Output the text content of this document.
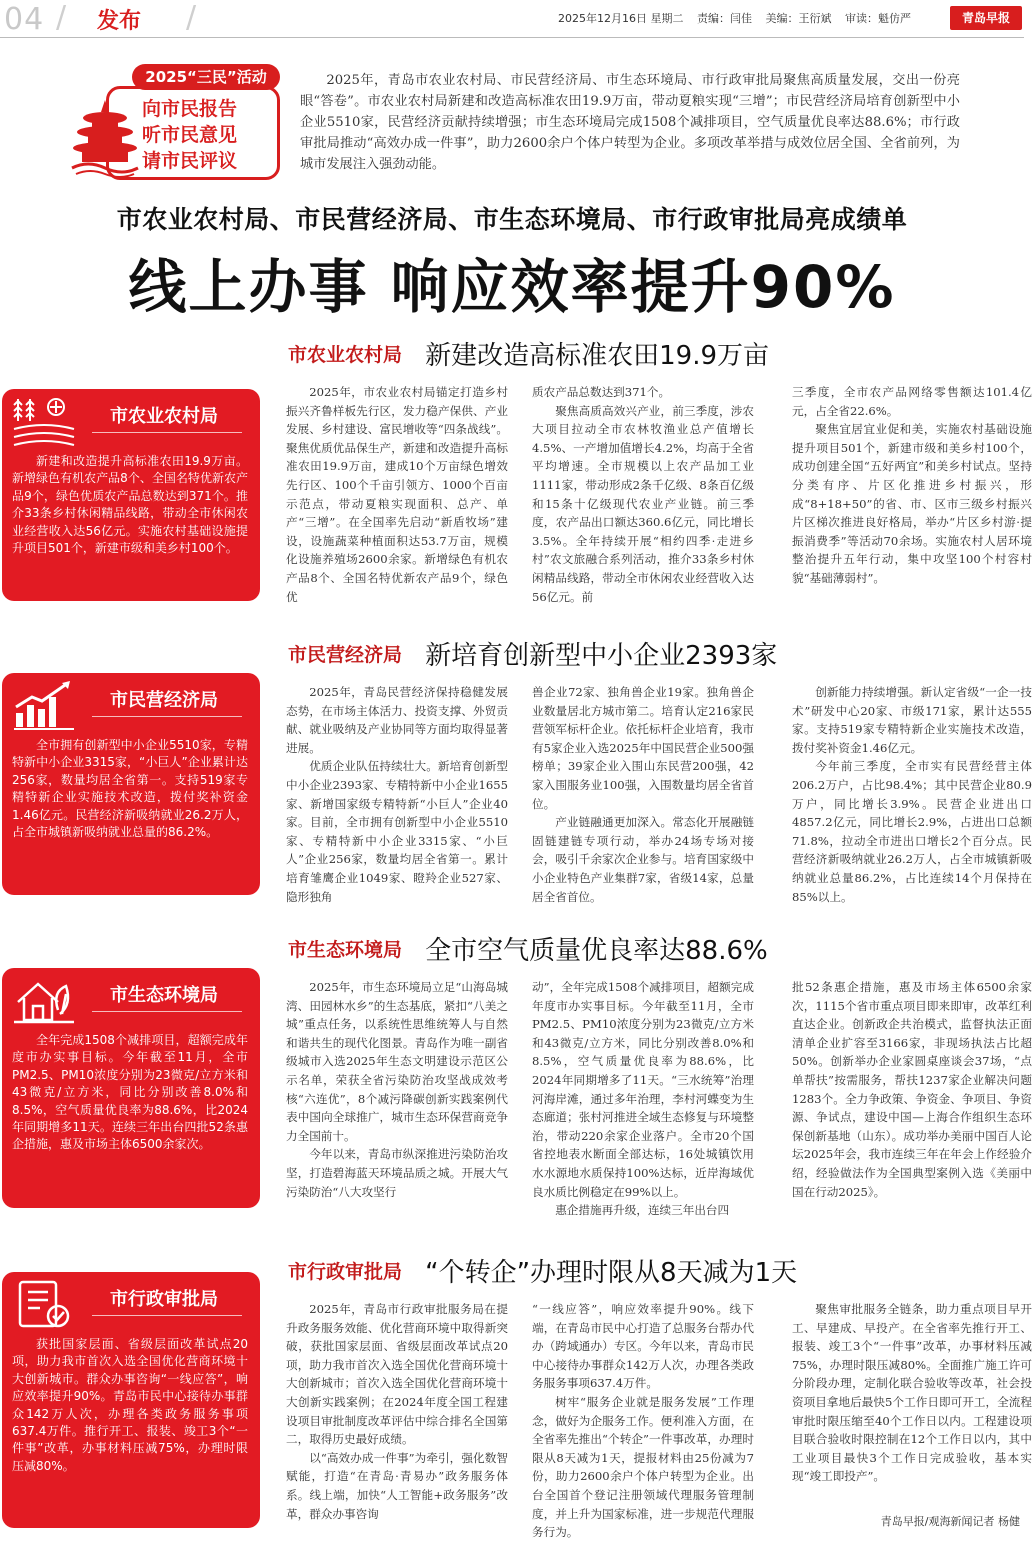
04 / 发布 /	2025年12月16日 星期二 责编：闫佳 美编：王衍斌 审读：魁仿严	青岛早报
2025“三民”活动
向市民报告
听市民意见
请市民评议

2025年，青岛市农业农村局、市民营经济局、市生态环境局、市行政审批局聚焦高质量发展，交出一份亮眼“答卷”。市农业农村局新建和改造高标准农田19.9万亩，带动夏粮实现“三增”；市民营经济局培育创新型中小企业5510家，民营经济贡献持续增强；市生态环境局完成1508个减排项目，空气质量优良率达88.6%；市行政审批局推动“高效办成一件事”，助力2600余户个体户转型为企业。多项改革举措与成效位居全国、全省前列，为城市发展注入强劲动能。

市农业农村局、市民营经济局、市生态环境局、市行政审批局亮成绩单
线上办事 响应效率提升90%
市农业农村局 新建改造高标准农田19.9万亩
市农业农村局

新建和改造提升高标准农田19.9万亩。新增绿色有机农产品8个、全国名特优新农产品9个，绿色优质农产品总数达到371个。推介33条乡村休闲精品线路，带动全市休闲农业经营收入达56亿元。实施农村基础设施提升项目501个，新建市级和美乡村100个。

2025年，市农业农村局锚定打造乡村振兴齐鲁样板先行区，发力稳产保供、产业发展、乡村建设、富民增收等“四条战线”。聚焦优质优品保生产，新建和改造提升高标准农田19.9万亩，建成10个万亩绿色增效先行区、100个千亩引领方、1000个百亩示范点，带动夏粮实现面积、总产、单产“三增”。在全国率先启动“新盾牧场”建设，设施蔬菜种植面积达53.7万亩，规模化设施养殖场2600余家。新增绿色有机农产品8个、全国名特优新农产品9个，绿色优

质农产品总数达到371个。

聚焦高质高效兴产业，前三季度，涉农大项目拉动全市农林牧渔业总产值增长4.5%、一产增加值增长4.2%，均高于全省平均增速。全市规模以上农产品加工业1111家，带动形成2条千亿级、8条百亿级和15条十亿级现代农业产业链。前三季度，农产品出口额达360.6亿元，同比增长3.5%。全年持续开展“相约四季·走进乡村”农文旅融合系列活动，推介33条乡村休闲精品线路，带动全市休闲农业经营收入达56亿元。前

三季度，全市农产品网络零售额达101.4亿元，占全省22.6%。

聚焦宜居宜业促和美，实施农村基础设施提升项目501个，新建市级和美乡村100个，成功创建全国“五好两宜”和美乡村试点。坚持分类有序、片区化推进乡村振兴，形成“8+18+50”的省、市、区市三级乡村振兴片区梯次推进良好格局，举办“片区乡村游·提振消费季”等活动70余场。实施农村人居环境整治提升五年行动，集中攻坚100个村容村貌“基础薄弱村”。

市民营经济局 新培育创新型中小企业2393家
市民营经济局

全市拥有创新型中小企业5510家，专精特新中小企业3315家，“小巨人”企业累计达256家，数量均居全省第一。支持519家专精特新企业实施技术改造，拨付奖补资金1.46亿元。民营经济新吸纳就业26.2万人，占全市城镇新吸纳就业总量的86.2%。

2025年，青岛民营经济保持稳健发展态势，在市场主体活力、投资支撑、外贸贡献、就业吸纳及产业协同等方面均取得显著进展。

优质企业队伍持续壮大。新培育创新型中小企业2393家、专精特新中小企业1655家、新增国家级专精特新“小巨人”企业40家。目前，全市拥有创新型中小企业5510家、专精特新中小企业3315家、“小巨人”企业256家，数量均居全省第一。累计培育雏鹰企业1049家、瞪羚企业527家、隐形独角

兽企业72家、独角兽企业19家。独角兽企业数量居北方城市第二。培育认定216家民营领军标杆企业。依托标杆企业培育，我市有5家企业入选2025年中国民营企业500强榜单；39家企业入围山东民营200强，42家入围服务业100强，入围数量均居全省首位。

产业链融通更加深入。常态化开展融链固链建链专项行动，举办24场专场对接会，吸引千余家次企业参与。培育国家级中小企业特色产业集群7家，省级14家，总量居全省首位。

创新能力持续增强。新认定省级“一企一技术”研发中心20家、市级171家，累计达555家。支持519家专精特新企业实施技术改造，拨付奖补资金1.46亿元。

今年前三季度，全市实有民营经营主体206.2万户，占比98.4%；其中民营企业80.9万户，同比增长3.9%。民营企业进出口4857.2亿元，同比增长2.9%，占进出口总额71.8%，拉动全市进出口增长2个百分点。民营经济新吸纳就业26.2万人，占全市城镇新吸纳就业总量86.2%，占比连续14个月保持在85%以上。

市生态环境局 全市空气质量优良率达88.6%
市生态环境局

全年完成1508个减排项目，超额完成年度市办实事目标。今年截至11月，全市PM2.5、PM10浓度分别为23微克/立方米和43微克/立方米，同比分别改善8.0%和8.5%，空气质量优良率为88.6%，比2024年同期增多11天。连续三年出台四批52条惠企措施，惠及市场主体6500余家次。

2025年，市生态环境局立足“山海岛城湾、田园林水乡”的生态基底，紧扣“八美之城”重点任务，以系统性思维统筹人与自然和谐共生的现代化图景。青岛作为唯一副省级城市入选2025年生态文明建设示范区公示名单，荣获全省污染防治攻坚战成效考核“六连优”，8个减污降碳创新实践案例代表中国向全球推广，城市生态环保营商竞争力全国前十。

今年以来，青岛市纵深推进污染防治攻坚，打造碧海蓝天环境品质之城。开展大气污染防治“八大攻坚行

动”，全年完成1508个减排项目，超额完成年度市办实事目标。今年截至11月，全市PM2.5、PM10浓度分别为23微克/立方米和43微克/立方米，同比分别改善8.0%和8.5%，空气质量优良率为88.6%，比2024年同期增多了11天。“三水统筹”治理河海岸滩，通过多年治理，李村河蝶变为生态廊道；张村河推进全域生态修复与环境整治，带动220余家企业落户。全市20个国省控地表水断面全部达标，16处城镇饮用水水源地水质保持100%达标，近岸海域优良水质比例稳定在99%以上。

惠企措施再升级，连续三年出台四

批52条惠企措施，惠及市场主体6500余家次，1115个省市重点项目即来即审，改革红利直达企业。创新政企共治模式，监督执法正面清单企业扩容至3166家，非现场执法占比超50%。创新举办企业家圆桌座谈会37场，“点单帮扶”按需服务，帮扶1237家企业解决问题1283个。全力争政策、争资金、争项目、争资源、争试点，建设中国—上海合作组织生态环保创新基地（山东）。成功举办美丽中国百人论坛2025年会，我市连续三年在年会上作经验介绍，经验做法作为全国典型案例入选《美丽中国在行动2025》。

市行政审批局 “个转企”办理时限从8天减为1天
市行政审批局

获批国家层面、省级层面改革试点20项，助力我市首次入选全国优化营商环境十大创新城市。群众办事咨询“一线应答”，响应效率提升90%。青岛市民中心接待办事群众142万人次，办理各类政务服务事项637.4万件。推行开工、报装、竣工3个“一件事”改革，办事材料压减75%，办理时限压减80%。

2025年，青岛市行政审批服务局在提升政务服务效能、优化营商环境中取得新突破，获批国家层面、省级层面改革试点20项，助力我市首次入选全国优化营商环境十大创新城市；首次入选全国优化营商环境十大创新实践案例；在2024年度全国工程建设项目审批制度改革评估中综合排名全国第二，取得历史最好成绩。

以“高效办成一件事”为牵引，强化数智赋能，打造“在青岛·青易办”政务服务体系。线上端，加快“人工智能+政务服务”改革，群众办事咨询

“一线应答”，响应效率提升90%。线下端，在青岛市民中心打造了总服务台帮办代办（跨域通办）专区。今年以来，青岛市民中心接待办事群众142万人次，办理各类政务服务事项637.4万件。

树牢“服务企业就是服务发展”工作理念，做好为企服务工作。便利准入方面，在全省率先推出“个转企”一件事改革，办理时限从8天减为1天，提报材料由25份减为7份，助力2600余户个体户转型为企业。出台全国首个登记注册领域代理服务管理制度，并上升为国家标准，进一步规范代理服务行为。

聚焦审批服务全链条，助力重点项目早开工、早建成、早投产。在全省率先推行开工、报装、竣工3个“一件事”改革，办事材料压减75%，办理时限压减80%。全面推广施工许可分阶段办理，定制化联合验收等改革，社会投资项目拿地后最快5个工作日即可开工，全流程审批时限压缩至40个工作日以内。工程建设项目联合验收时限控制在12个工作日以内，其中工业项目最快3个工作日完成验收，基本实现“竣工即投产”。

青岛早报/观海新闻记者 杨健
